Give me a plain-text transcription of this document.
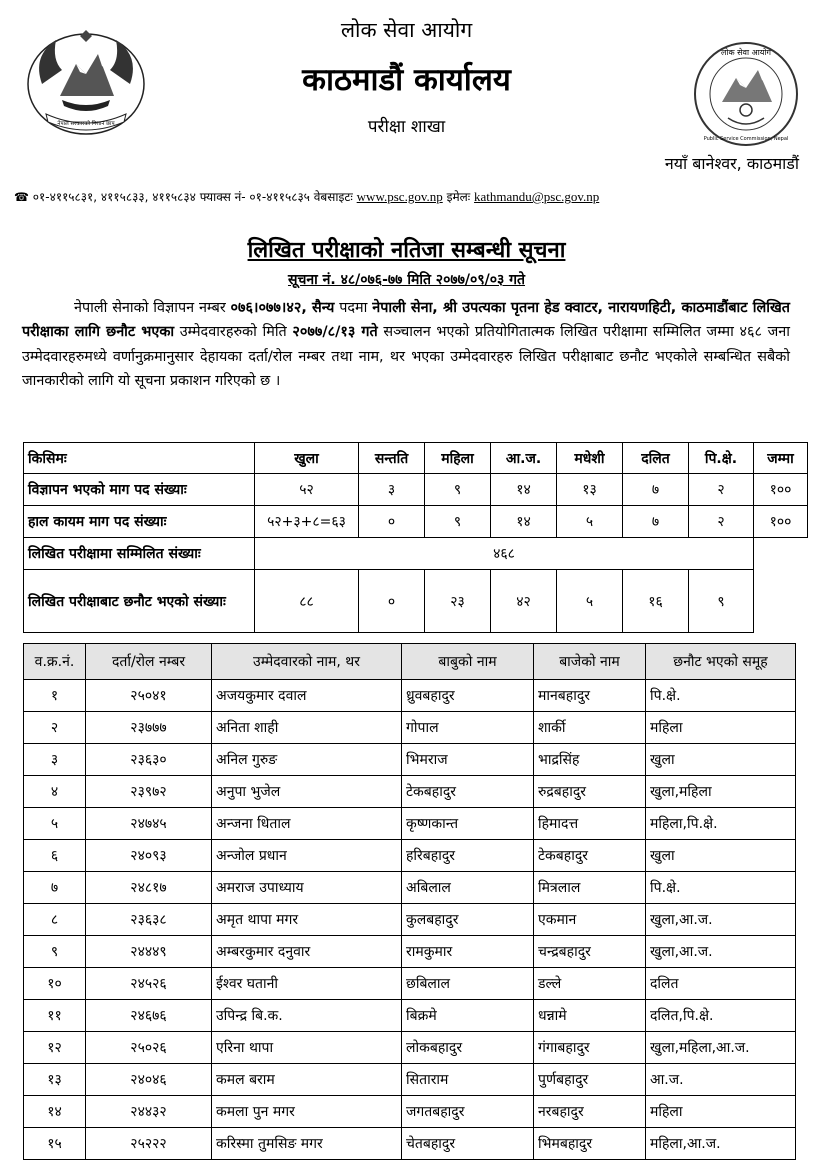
नेपाल सरकारको निशान छाप
लोक सेवा आयोग
Public Service Commission, Nepal
लोक सेवा आयोग
काठमाडौं कार्यालय
परीक्षा शाखा
नयाँ बानेश्वर, काठमाडौं
☎ ०१-४११५८३१, ४११५८३३, ४११५८३४ फ्याक्स नं- ०१-४११५८३५ वेबसाइटः www.psc.gov.np इमेलः kathmandu@psc.gov.np
लिखित परीक्षाको नतिजा सम्बन्धी सूचना
सूचना नं. ४८/०७६-७७ मिति २०७७/०९/०३ गते
नेपाली सेनाको विज्ञापन नम्बर ०७६।०७७।४२, सैन्य पदमा नेपाली सेना, श्री उपत्यका पृतना हेड क्वाटर, नारायणहिटी, काठमाडौंबाट लिखित परीक्षाका लागि छनौट भएका उम्मेदवारहरुको मिति २०७७/८/१३ गते सञ्चालन भएको प्रतियोगितात्मक लिखित परीक्षामा सम्मिलित जम्मा ४६८ जना उम्मेदवारहरुमध्ये वर्णानुक्रमानुसार देहायका दर्ता/रोल नम्बर तथा नाम, थर भएका उम्मेदवारहरु लिखित परीक्षाबाट छनौट भएकोले सम्बन्धित सबैको जानकारीको लागि यो सूचना प्रकाशन गरिएको छ ।
किसिमः	खुला	सन्तति	महिला	आ.ज.	मधेशी	दलित	पि.क्षे.	जम्मा
विज्ञापन भएको माग पद संख्याः	५२	३	९	१४	१३	७	२	१००
हाल कायम माग पद संख्याः	५२+३+८=६३	०	९	१४	५	७	२	१००
लिखित परीक्षामा सम्मिलित संख्याः	४६८							
लिखित परीक्षाबाट छनौट भएको संख्याः	८८	०	२३	४२	५	१६	९	
व.क्र.नं.	दर्ता/रोल नम्बर	उम्मेदवारको नाम, थर	बाबुको नाम	बाजेको नाम	छनौट भएको समूह
१	२५०४१	अजयकुमार दवाल	ध्रुवबहादुर	मानबहादुर	पि.क्षे.
२	२३७७७	अनिता शाही	गोपाल	शार्की	महिला
३	२३६३०	अनिल गुरुङ	भिमराज	भाद्रसिंह	खुला
४	२३९७२	अनुपा भुजेल	टेकबहादुर	रुद्रबहादुर	खुला,महिला
५	२४७४५	अन्जना धिताल	कृष्णकान्त	हिमादत्त	महिला,पि.क्षे.
६	२४०९३	अन्जोल प्रधान	हरिबहादुर	टेकबहादुर	खुला
७	२४८१७	अमराज उपाध्याय	अबिलाल	मित्रलाल	पि.क्षे.
८	२३६३८	अमृत थापा मगर	कुलबहादुर	एकमान	खुला,आ.ज.
९	२४४४९	अम्बरकुमार दनुवार	रामकुमार	चन्द्रबहादुर	खुला,आ.ज.
१०	२४५२६	ईश्वर घतानी	छबिलाल	डल्ले	दलित
११	२४६७६	उपिन्द्र बि.क.	बिक्रमे	धन्नामे	दलित,पि.क्षे.
१२	२५०२६	एरिना थापा	लोकबहादुर	गंगाबहादुर	खुला,महिला,आ.ज.
१३	२४०४६	कमल बराम	सिताराम	पुर्णबहादुर	आ.ज.
१४	२४४३२	कमला पुन मगर	जगतबहादुर	नरबहादुर	महिला
१५	२५२२२	करिस्मा तुमसिङ मगर	चेतबहादुर	भिमबहादुर	महिला,आ.ज.
